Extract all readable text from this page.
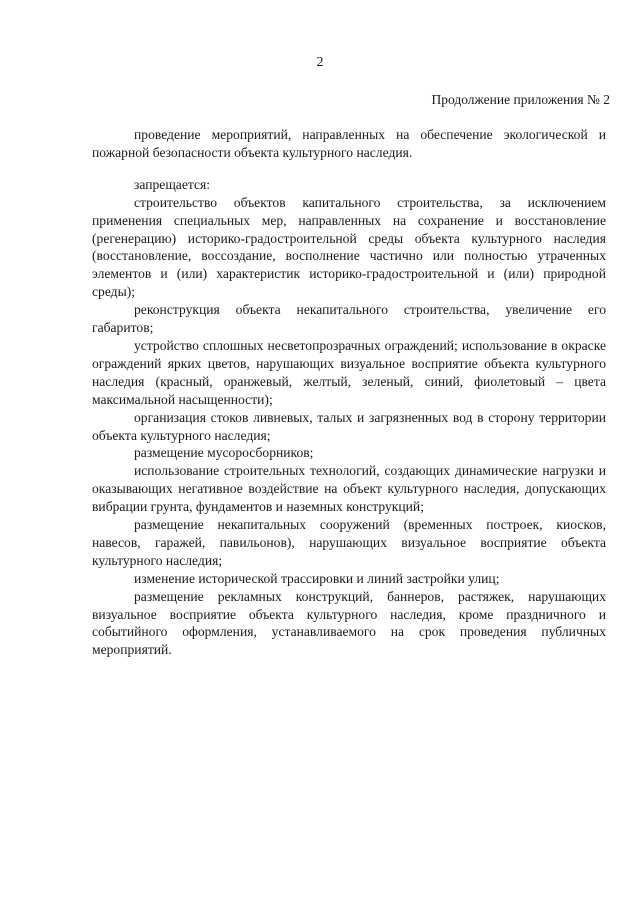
2
Продолжение приложения № 2

проведение мероприятий, направленных на обеспечение экологической и пожарной безопасности объекта культурного наследия.

запрещается:

строительство объектов капитального строительства, за исключением применения специальных мер, направленных на сохранение и восстановление (регенерацию) историко-градостроительной среды объекта культурного наследия (восстановление, воссоздание, восполнение частично или полностью утраченных элементов и (или) характеристик историко-градостроительной и (или) природной среды);

реконструкция объекта некапитального строительства, увеличение его габаритов;

устройство сплошных несветопрозрачных ограждений; использование в окраске ограждений ярких цветов, нарушающих визуальное восприятие объекта культурного наследия (красный, оранжевый, желтый, зеленый, синий, фиолетовый – цвета максимальной насыщенности);

организация стоков ливневых, талых и загрязненных вод в сторону территории объекта культурного наследия;

размещение мусоросборников;

использование строительных технологий, создающих динамические нагрузки и оказывающих негативное воздействие на объект культурного наследия, допускающих вибрации грунта, фундаментов и наземных конструкций;

размещение некапитальных сооружений (временных построек, киосков, навесов, гаражей, павильонов), нарушающих визуальное восприятие объекта культурного наследия;

изменение исторической трассировки и линий застройки улиц;

размещение рекламных конструкций, баннеров, растяжек, нарушающих визуальное восприятие объекта культурного наследия, кроме праздничного и событийного оформления, устанавливаемого на срок проведения публичных мероприятий.
